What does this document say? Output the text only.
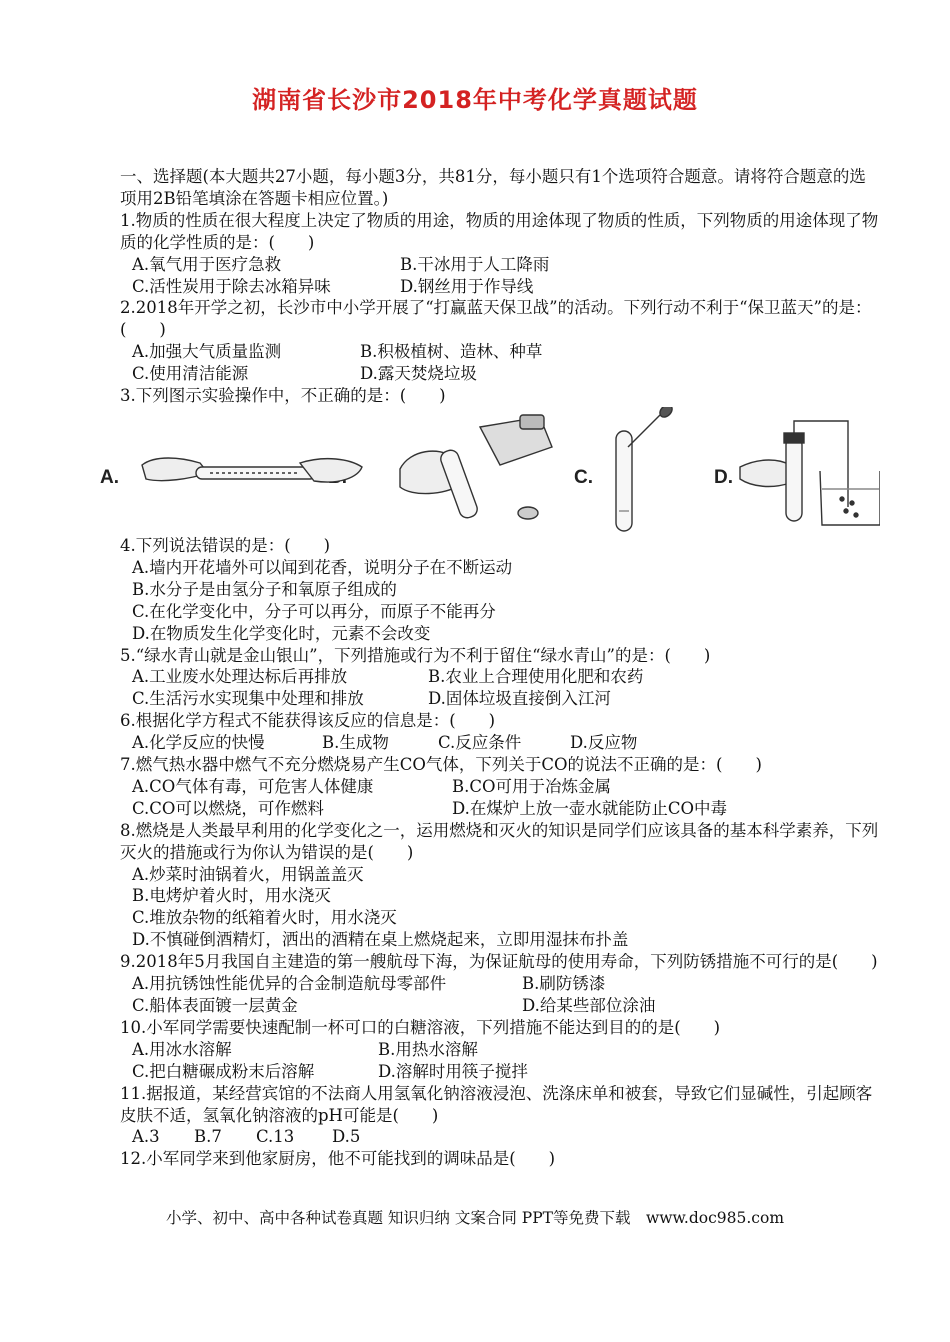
湖南省长沙市2018年中考化学真题试题

一、选择题(本大题共27小题，每小题3分，共81分，每小题只有1个选项符合题意。请将符合题意的选项用2B铅笔填涂在答题卡相应位置。)

1.物质的性质在很大程度上决定了物质的用途，物质的用途体现了物质的性质，下列物质的用途体现了物质的化学性质的是：(　　)

A.氧气用于医疗急救	B.干冰用于人工降雨
C.活性炭用于除去冰箱异味	D.钢丝用于作导线

2.2018年开学之初，长沙市中小学开展了“打赢蓝天保卫战”的活动。下列行动不利于“保卫蓝天”的是：(　　)

A.加强大气质量监测	B.积极植树、造林、种草
C.使用清洁能源	D.露天焚烧垃圾

3.下列图示实验操作中，不正确的是：(　　)

A.	C.	D.

4.下列说法错误的是：(　　)

A.墙内开花墙外可以闻到花香，说明分子在不断运动

B.水分子是由氢分子和氧原子组成的

C.在化学变化中，分子可以再分，而原子不能再分

D.在物质发生化学变化时，元素不会改变

5.“绿水青山就是金山银山”，下列措施或行为不利于留住“绿水青山”的是：(　　)

A.工业废水处理达标后再排放	B.农业上合理使用化肥和农药
C.生活污水实现集中处理和排放	D.固体垃圾直接倒入江河

6.根据化学方程式不能获得该反应的信息是：(　　)

A.化学反应的快慢	B.生成物	C.反应条件	D.反应物

7.燃气热水器中燃气不充分燃烧易产生CO气体，下列关于CO的说法不正确的是：(　　)

A.CO气体有毒，可危害人体健康	B.CO可用于冶炼金属
C.CO可以燃烧，可作燃料	D.在煤炉上放一壶水就能防止CO中毒

8.燃烧是人类最早利用的化学变化之一，运用燃烧和灭火的知识是同学们应该具备的基本科学素养，下列灭火的措施或行为你认为错误的是(　　)

A.炒菜时油锅着火，用锅盖盖灭

B.电烤炉着火时，用水浇灭

C.堆放杂物的纸箱着火时，用水浇灭

D.不慎碰倒酒精灯，洒出的酒精在桌上燃烧起来，立即用湿抹布扑盖

9.2018年5月我国自主建造的第一艘航母下海，为保证航母的使用寿命，下列防锈措施不可行的是(　　)

A.用抗锈蚀性能优异的合金制造航母零部件	B.刷防锈漆
C.船体表面镀一层黄金	D.给某些部位涂油

10.小军同学需要快速配制一杯可口的白糖溶液，下列措施不能达到目的的是(　　)

A.用冰水溶解	B.用热水溶解
C.把白糖碾成粉末后溶解	D.溶解时用筷子搅拌

11.据报道，某经营宾馆的不法商人用氢氧化钠溶液浸泡、洗涤床单和被套，导致它们显碱性，引起顾客皮肤不适，氢氧化钠溶液的pH可能是(　　)

A.3	B.7	C.13	D.5

12.小军同学来到他家厨房，他不可能找到的调味品是(　　)

小学、初中、高中各种试卷真题 知识归纳 文案合同 PPT等免费下载　www.doc985.com
